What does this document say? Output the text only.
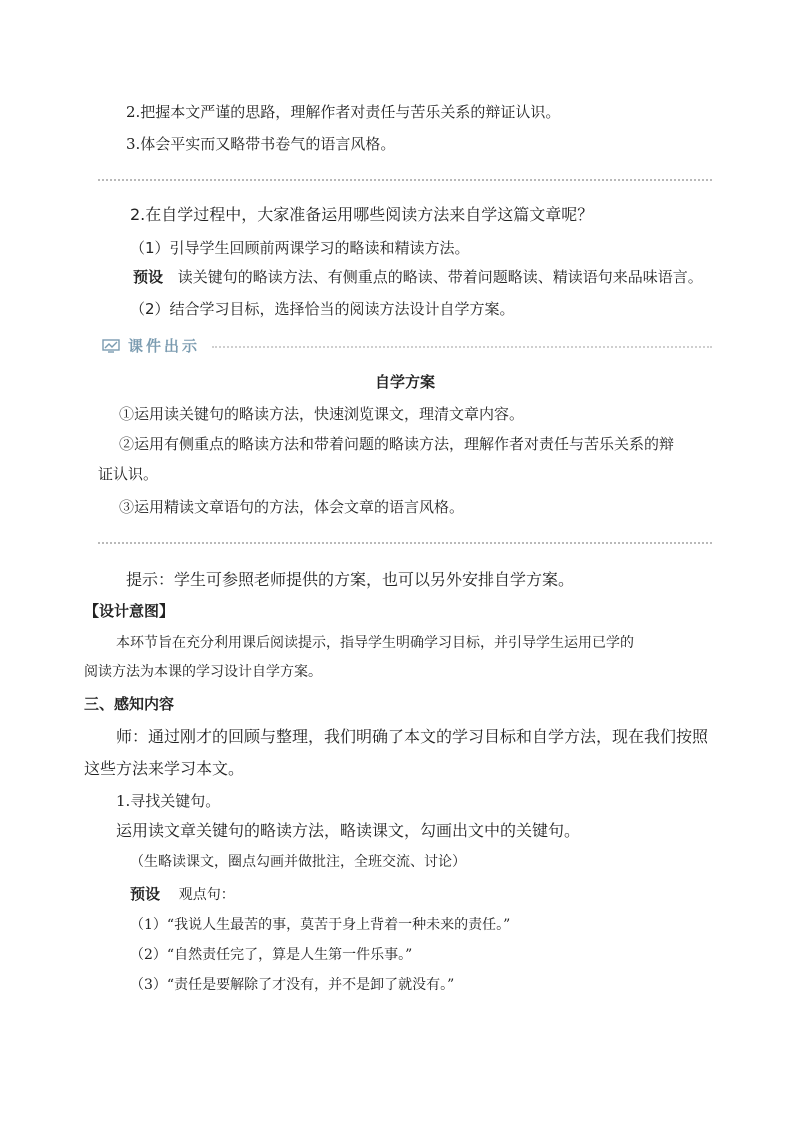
2.把握本文严谨的思路，理解作者对责任与苦乐关系的辩证认识。
3.体会平实而又略带书卷气的语言风格。
2.在自学过程中，大家准备运用哪些阅读方法来自学这篇文章呢？
（1）引导学生回顾前两课学习的略读和精读方法。
预设 读关键句的略读方法、有侧重点的略读、带着问题略读、精读语句来品味语言。
（2）结合学习目标，选择恰当的阅读方法设计自学方案。
课件出示
自学方案
①运用读关键句的略读方法，快速浏览课文，理清文章内容。
②运用有侧重点的略读方法和带着问题的略读方法，理解作者对责任与苦乐关系的辩
证认识。
③运用精读文章语句的方法，体会文章的语言风格。
提示：学生可参照老师提供的方案，也可以另外安排自学方案。
【设计意图】
本环节旨在充分利用课后阅读提示，指导学生明确学习目标，并引导学生运用已学的
阅读方法为本课的学习设计自学方案。
三、感知内容
师：通过刚才的回顾与整理，我们明确了本文的学习目标和自学方法，现在我们按照
这些方法来学习本文。
1.寻找关键句。
运用读文章关键句的略读方法，略读课文，勾画出文中的关键句。
（生略读课文，圈点勾画并做批注，全班交流、讨论）
预设 观点句：
（1）“我说人生最苦的事，莫苦于身上背着一种未来的责任。”
（2）“自然责任完了，算是人生第一件乐事。”
（3）“责任是要解除了才没有，并不是卸了就没有。”
